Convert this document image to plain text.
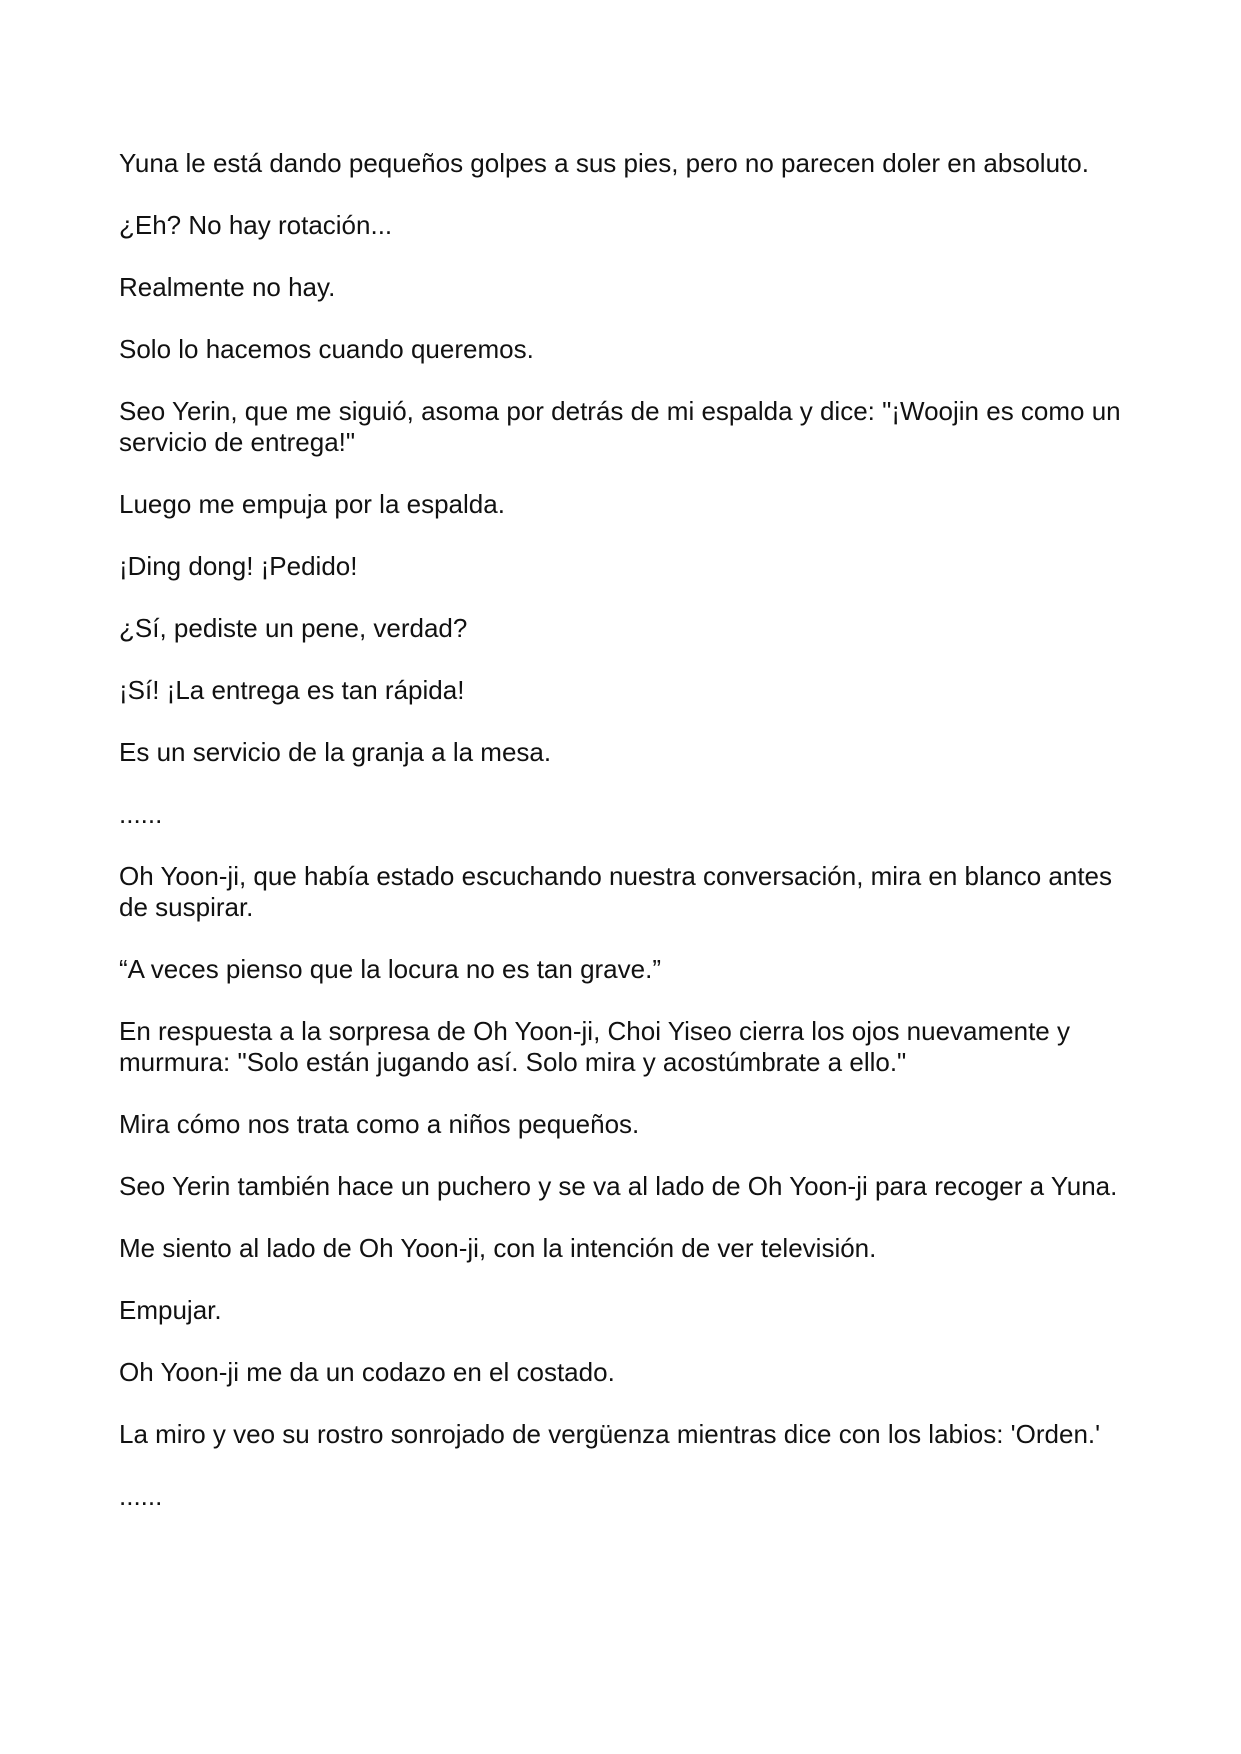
Yuna le está dando pequeños golpes a sus pies, pero no parecen doler en absoluto.

¿Eh? No hay rotación...

Realmente no hay.

Solo lo hacemos cuando queremos.

Seo Yerin, que me siguió, asoma por detrás de mi espalda y dice: "¡Woojin es como un servicio de entrega!"

Luego me empuja por la espalda.

¡Ding dong! ¡Pedido!

¿Sí, pediste un pene, verdad?

¡Sí! ¡La entrega es tan rápida!

Es un servicio de la granja a la mesa.

......

Oh Yoon-ji, que había estado escuchando nuestra conversación, mira en blanco antes de suspirar.

“A veces pienso que la locura no es tan grave.”

En respuesta a la sorpresa de Oh Yoon-ji, Choi Yiseo cierra los ojos nuevamente y murmura: "Solo están jugando así. Solo mira y acostúmbrate a ello."

Mira cómo nos trata como a niños pequeños.

Seo Yerin también hace un puchero y se va al lado de Oh Yoon-ji para recoger a Yuna.

Me siento al lado de Oh Yoon-ji, con la intención de ver televisión.

Empujar.

Oh Yoon-ji me da un codazo en el costado.

La miro y veo su rostro sonrojado de vergüenza mientras dice con los labios: 'Orden.'

......
